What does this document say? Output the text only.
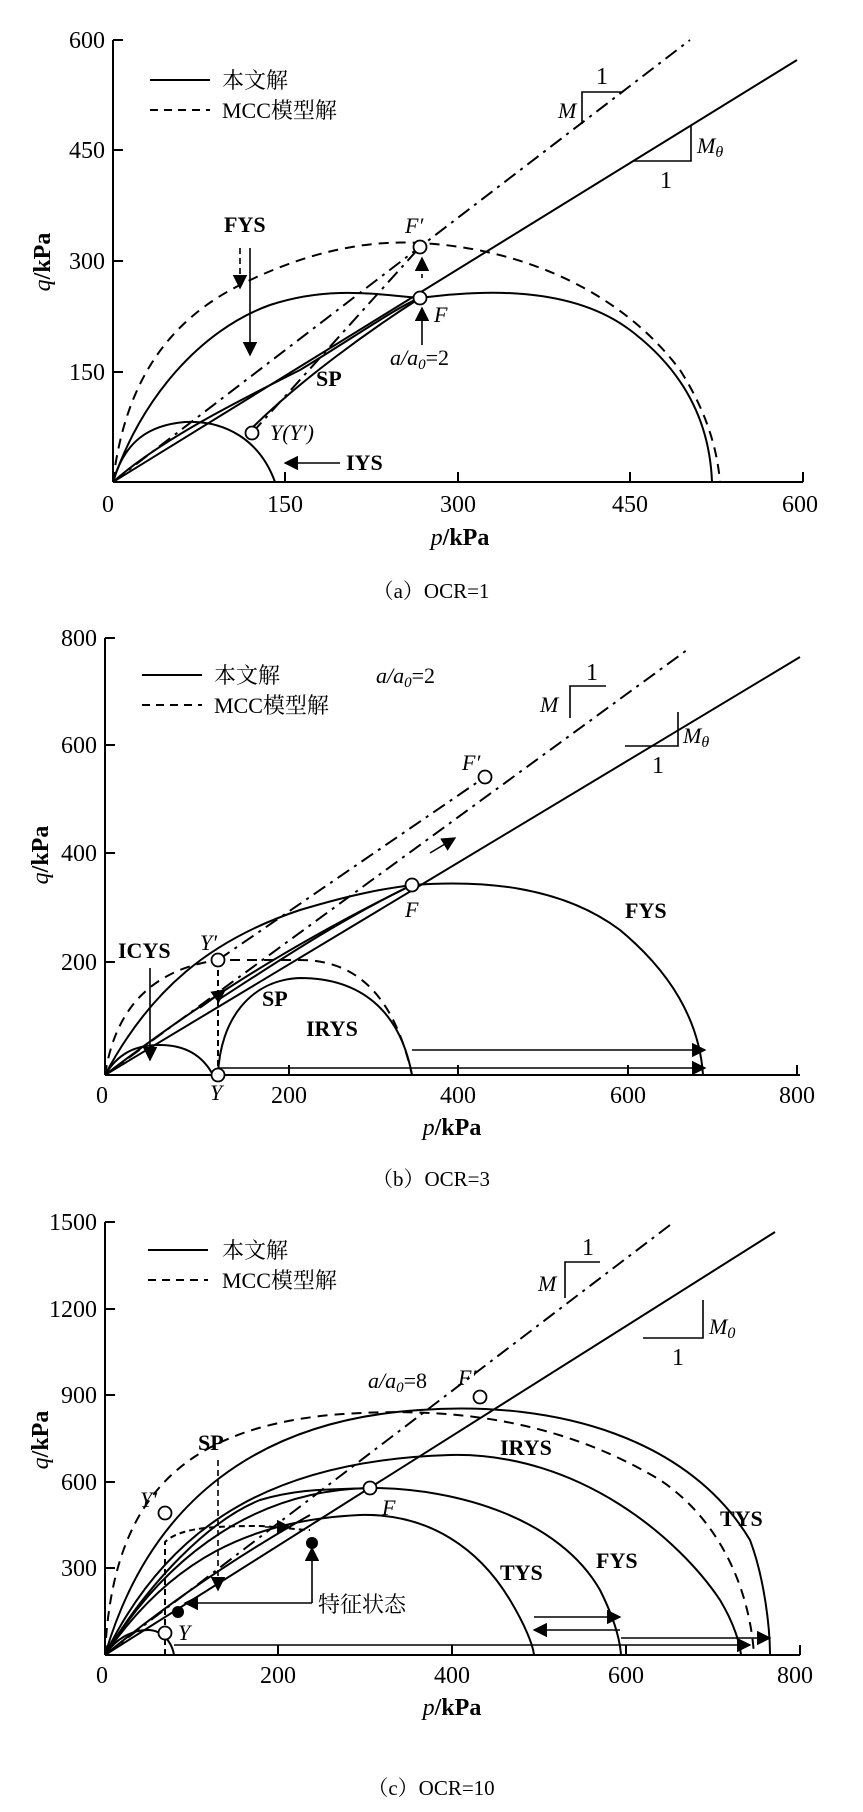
600
450
300
150
0	150	300	450	600
p/kPa
q/kPa
M
1
Mθ
1
F′
F
Y(Y′)
FYS
SP
IYS
a/a0=2
本文解
MCC模型解
（a）OCR=1
800
600
400
200
0	200	400	600	800
p/kPa
q/kPa
M
1
Mθ
1
F′
F
Y′
Y
ICYS
SP
IRYS
FYS
a/a0=2
本文解
MCC模型解
（b）OCR=3
1500
1200
900
600
300
0	200	400	600	800
p/kPa
q/kPa
M
1
M0
1
F′
F
Y′
Y
SP	IRYS
TYS FYS
TYS
特征状态
a/a0=8
本文解
MCC模型解
（c）OCR=10
